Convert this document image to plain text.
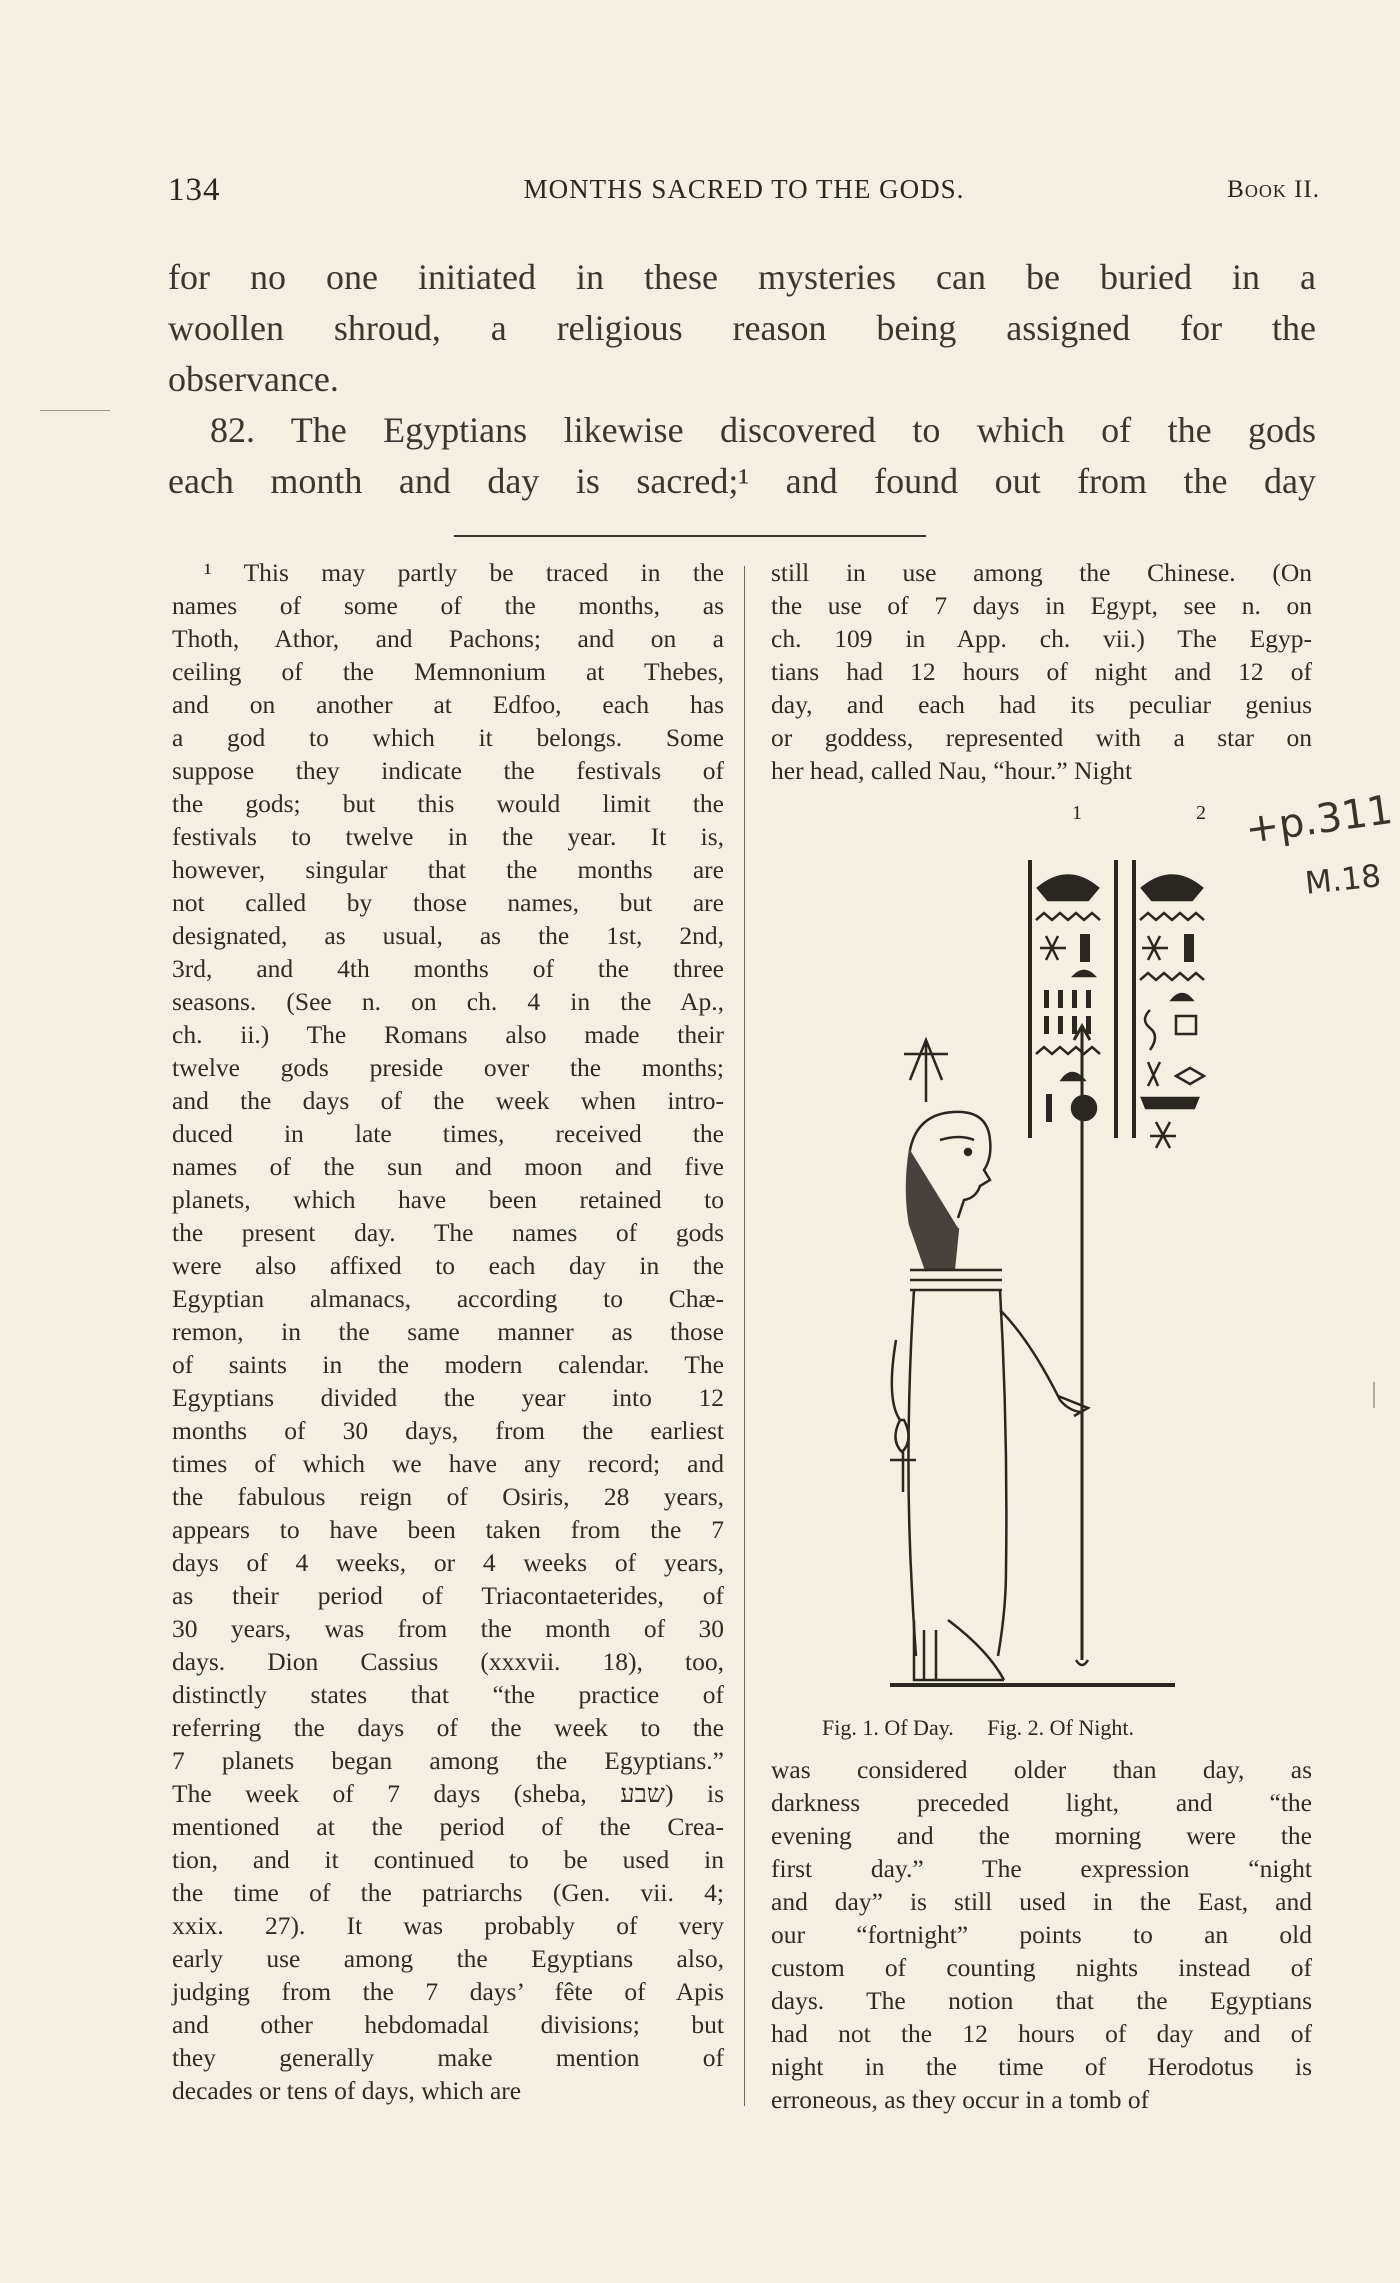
134	MONTHS SACRED TO THE GODS.	Book II.
for no one initiated in these mysteries can be buried in a
woollen shroud, a religious reason being assigned for the
observance.
82. The Egyptians likewise discovered to which of the gods
each month and day is sacred;¹ and found out from the day
¹ This may partly be traced in the
names of some of the months, as
Thoth, Athor, and Pachons; and on a
ceiling of the Memnonium at Thebes,
and on another at Edfoo, each has
a god to which it belongs. Some
suppose they indicate the festivals of
the gods; but this would limit the
festivals to twelve in the year. It is,
however, singular that the months are
not called by those names, but are
designated, as usual, as the 1st, 2nd,
3rd, and 4th months of the three
seasons. (See n. on ch. 4 in the Ap.,
ch. ii.) The Romans also made their
twelve gods preside over the months;
and the days of the week when intro-
duced in late times, received the
names of the sun and moon and five
planets, which have been retained to
the present day. The names of gods
were also affixed to each day in the
Egyptian almanacs, according to Chæ-
remon, in the same manner as those
of saints in the modern calendar. The
Egyptians divided the year into 12
months of 30 days, from the earliest
times of which we have any record; and
the fabulous reign of Osiris, 28 years,
appears to have been taken from the 7
days of 4 weeks, or 4 weeks of years,
as their period of Triacontaeterides, of
30 years, was from the month of 30
days. Dion Cassius (xxxvii. 18), too,
distinctly states that “the practice of
referring the days of the week to the
7 planets began among the Egyptians.”
The week of 7 days (sheba, שבע) is
mentioned at the period of the Crea-
tion, and it continued to be used in
the time of the patriarchs (Gen. vii. 4;
xxix. 27). It was probably of very
early use among the Egyptians also,
judging from the 7 days’ fête of Apis
and other hebdomadal divisions; but
they generally make mention of
decades or tens of days, which are
still in use among the Chinese. (On
the use of 7 days in Egypt, see n. on
ch. 109 in App. ch. vii.) The Egyp-
tians had 12 hours of night and 12 of
day, and each had its peculiar genius
or goddess, represented with a star on
her head, called Nau, “hour.” Night
1	2 +p.311
M.18
Fig. 1. Of Day. Fig. 2. Of Night.
was considered older than day, as
darkness preceded light, and “the
evening and the morning were the
first day.” The expression “night
and day” is still used in the East, and
our “fortnight” points to an old
custom of counting nights instead of
days. The notion that the Egyptians
had not the 12 hours of day and of
night in the time of Herodotus is
erroneous, as they occur in a tomb of
